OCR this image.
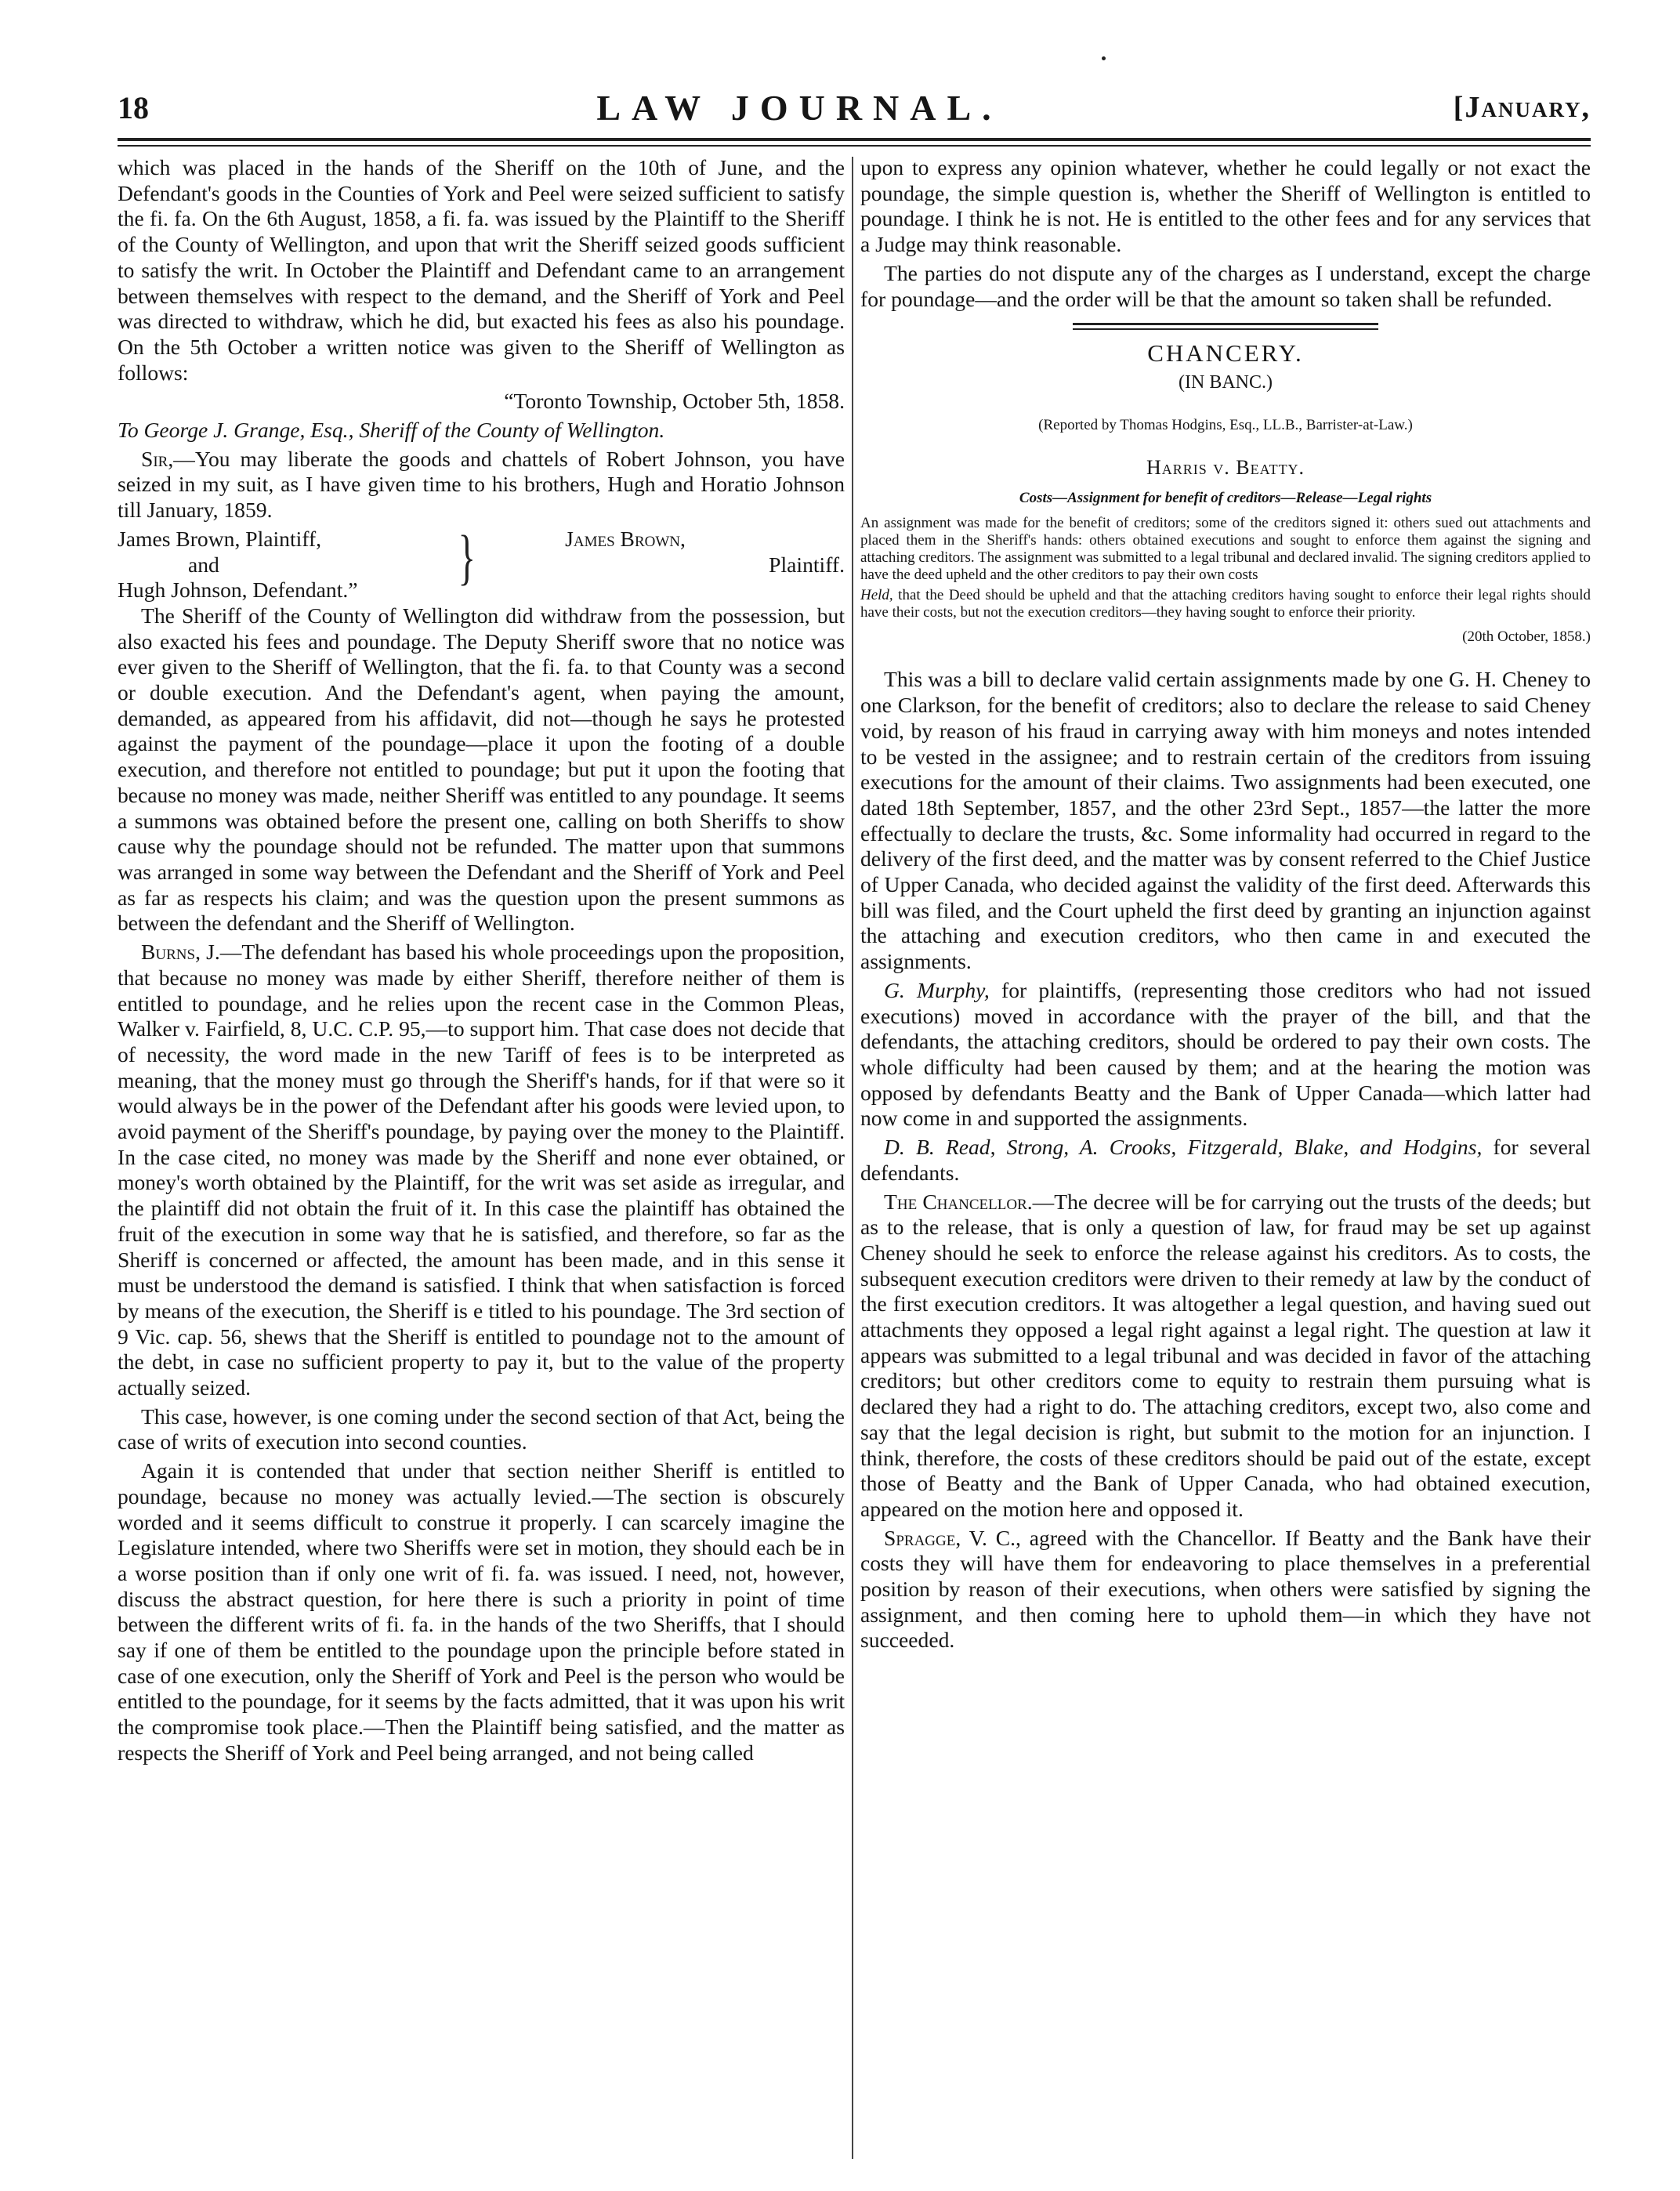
18	LAW JOURNAL.	[January,

which was placed in the hands of the Sheriff on the 10th of June, and the Defendant's goods in the Counties of York and Peel were seized sufficient to satisfy the fi. fa. On the 6th August, 1858, a fi. fa. was issued by the Plaintiff to the Sheriff of the County of Wellington, and upon that writ the Sheriff seized goods sufficient to satisfy the writ. In October the Plaintiff and Defendant came to an arrangement between themselves with respect to the demand, and the Sheriff of York and Peel was directed to withdraw, which he did, but exacted his fees as also his poundage. On the 5th October a written notice was given to the Sheriff of Wellington as follows:

“Toronto Township, October 5th, 1858.

To George J. Grange, Esq., Sheriff of the County of Wellington.

Sir,—You may liberate the goods and chattels of Robert Johnson, you have seized in my suit, as I have given time to his brothers, Hugh and Horatio Johnson till January, 1859.

James Brown, Plaintiff,
and
Hugh Johnson, Defendant.”	}	James Brown,
Plaintiff.

The Sheriff of the County of Wellington did withdraw from the possession, but also exacted his fees and poundage. The Deputy Sheriff swore that no notice was ever given to the Sheriff of Wellington, that the fi. fa. to that County was a second or double execution. And the Defendant's agent, when paying the amount, demanded, as appeared from his affidavit, did not—though he says he protested against the payment of the poundage—place it upon the footing of a double execution, and therefore not entitled to poundage; but put it upon the footing that because no money was made, neither Sheriff was entitled to any poundage. It seems a summons was obtained before the present one, calling on both Sheriffs to show cause why the poundage should not be refunded. The matter upon that summons was arranged in some way between the Defendant and the Sheriff of York and Peel as far as respects his claim; and was the question upon the present summons as between the defendant and the Sheriff of Wellington.

Burns, J.—The defendant has based his whole proceedings upon the proposition, that because no money was made by either Sheriff, therefore neither of them is entitled to poundage, and he relies upon the recent case in the Common Pleas, Walker v. Fairfield, 8, U.C. C.P. 95,—to support him. That case does not decide that of necessity, the word made in the new Tariff of fees is to be interpreted as meaning, that the money must go through the Sheriff's hands, for if that were so it would always be in the power of the Defendant after his goods were levied upon, to avoid payment of the Sheriff's poundage, by paying over the money to the Plaintiff. In the case cited, no money was made by the Sheriff and none ever obtained, or money's worth obtained by the Plaintiff, for the writ was set aside as irregular, and the plaintiff did not obtain the fruit of it. In this case the plaintiff has obtained the fruit of the execution in some way that he is satisfied, and therefore, so far as the Sheriff is concerned or affected, the amount has been made, and in this sense it must be understood the demand is satisfied. I think that when satisfaction is forced by means of the execution, the Sheriff is e titled to his poundage. The 3rd section of 9 Vic. cap. 56, shews that the Sheriff is entitled to poundage not to the amount of the debt, in case no sufficient property to pay it, but to the value of the property actually seized.

This case, however, is one coming under the second section of that Act, being the case of writs of execution into second counties.

Again it is contended that under that section neither Sheriff is entitled to poundage, because no money was actually levied.—The section is obscurely worded and it seems difficult to construe it properly. I can scarcely imagine the Legislature intended, where two Sheriffs were set in motion, they should each be in a worse position than if only one writ of fi. fa. was issued. I need, not, however, discuss the abstract question, for here there is such a priority in point of time between the different writs of fi. fa. in the hands of the two Sheriffs, that I should say if one of them be entitled to the poundage upon the principle before stated in case of one execution, only the Sheriff of York and Peel is the person who would be entitled to the poundage, for it seems by the facts admitted, that it was upon his writ the compromise took place.—Then the Plaintiff being satisfied, and the matter as respects the Sheriff of York and Peel being arranged, and not being called

upon to express any opinion whatever, whether he could legally or not exact the poundage, the simple question is, whether the Sheriff of Wellington is entitled to poundage. I think he is not. He is entitled to the other fees and for any services that a Judge may think reasonable.

The parties do not dispute any of the charges as I understand, except the charge for poundage—and the order will be that the amount so taken shall be refunded.

CHANCERY.
(IN BANC.)
(Reported by Thomas Hodgins, Esq., LL.B., Barrister-at-Law.)
Harris v. Beatty.
Costs—Assignment for benefit of creditors—Release—Legal rights
An assignment was made for the benefit of creditors; some of the creditors signed it: others sued out attachments and placed them in the Sheriff's hands: others obtained executions and sought to enforce them against the signing and attaching creditors. The assignment was submitted to a legal tribunal and declared invalid. The signing creditors applied to have the deed upheld and the other creditors to pay their own costs
Held, that the Deed should be upheld and that the attaching creditors having sought to enforce their legal rights should have their costs, but not the execution creditors—they having sought to enforce their priority.
(20th October, 1858.)

This was a bill to declare valid certain assignments made by one G. H. Cheney to one Clarkson, for the benefit of creditors; also to declare the release to said Cheney void, by reason of his fraud in carrying away with him moneys and notes intended to be vested in the assignee; and to restrain certain of the creditors from issuing executions for the amount of their claims. Two assignments had been executed, one dated 18th September, 1857, and the other 23rd Sept., 1857—the latter the more effectually to declare the trusts, &c. Some informality had occurred in regard to the delivery of the first deed, and the matter was by consent referred to the Chief Justice of Upper Canada, who decided against the validity of the first deed. Afterwards this bill was filed, and the Court upheld the first deed by granting an injunction against the attaching and execution creditors, who then came in and executed the assignments.

G. Murphy, for plaintiffs, (representing those creditors who had not issued executions) moved in accordance with the prayer of the bill, and that the defendants, the attaching creditors, should be ordered to pay their own costs. The whole difficulty had been caused by them; and at the hearing the motion was opposed by defendants Beatty and the Bank of Upper Canada—which latter had now come in and supported the assignments.

D. B. Read, Strong, A. Crooks, Fitzgerald, Blake, and Hodgins, for several defendants.

The Chancellor.—The decree will be for carrying out the trusts of the deeds; but as to the release, that is only a question of law, for fraud may be set up against Cheney should he seek to enforce the release against his creditors. As to costs, the subsequent execution creditors were driven to their remedy at law by the conduct of the first execution creditors. It was altogether a legal question, and having sued out attachments they opposed a legal right against a legal right. The question at law it appears was submitted to a legal tribunal and was decided in favor of the attaching creditors; but other creditors come to equity to restrain them pursuing what is declared they had a right to do. The attaching creditors, except two, also come and say that the legal decision is right, but submit to the motion for an injunction. I think, therefore, the costs of these creditors should be paid out of the estate, except those of Beatty and the Bank of Upper Canada, who had obtained execution, appeared on the motion here and opposed it.

Spragge, V. C., agreed with the Chancellor. If Beatty and the Bank have their costs they will have them for endeavoring to place themselves in a preferential position by reason of their executions, when others were satisfied by signing the assignment, and then coming here to uphold them—in which they have not succeeded.
